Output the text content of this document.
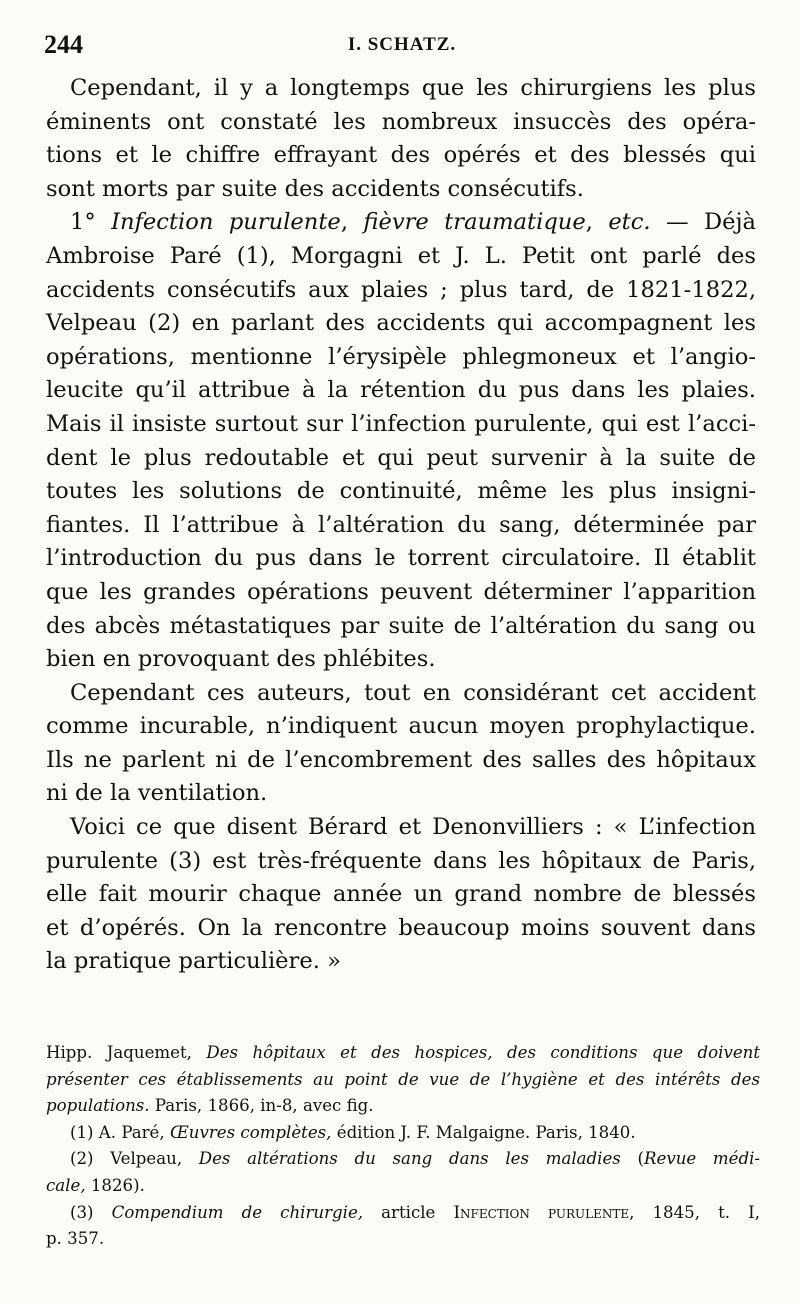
244	I. SCHATZ.
Cependant, il y a longtemps que les chirurgiens les plus
éminents ont constaté les nombreux insuccès des opéra-
tions et le chiffre effrayant des opérés et des blessés qui
sont morts par suite des accidents consécutifs.
1° Infection purulente, fièvre traumatique, etc. — Déjà
Ambroise Paré (1), Morgagni et J. L. Petit ont parlé des
accidents consécutifs aux plaies ; plus tard, de 1821-1822,
Velpeau (2) en parlant des accidents qui accompagnent les
opérations, mentionne l’érysipèle phlegmoneux et l’angio-
leucite qu’il attribue à la rétention du pus dans les plaies.
Mais il insiste surtout sur l’infection purulente, qui est l’acci-
dent le plus redoutable et qui peut survenir à la suite de
toutes les solutions de continuité, même les plus insigni-
fiantes. Il l’attribue à l’altération du sang, déterminée par
l’introduction du pus dans le torrent circulatoire. Il établit
que les grandes opérations peuvent déterminer l’apparition
des abcès métastatiques par suite de l’altération du sang ou
bien en provoquant des phlébites.
Cependant ces auteurs, tout en considérant cet accident
comme incurable, n’indiquent aucun moyen prophylactique.
Ils ne parlent ni de l’encombrement des salles des hôpitaux
ni de la ventilation.
Voici ce que disent Bérard et Denonvilliers : « L’infection
purulente (3) est très-fréquente dans les hôpitaux de Paris,
elle fait mourir chaque année un grand nombre de blessés
et d’opérés. On la rencontre beaucoup moins souvent dans
la pratique particulière. »
Hipp. Jaquemet, Des hôpitaux et des hospices, des conditions que doivent
présenter ces établissements au point de vue de l’hygiène et des intérêts des
populations. Paris, 1866, in-8, avec fig.
(1) A. Paré, Œuvres complètes, édition J. F. Malgaigne. Paris, 1840.
(2) Velpeau, Des altérations du sang dans les maladies (Revue médi-
cale, 1826).
(3) Compendium de chirurgie, article Infection purulente, 1845, t. I,
p. 357.
